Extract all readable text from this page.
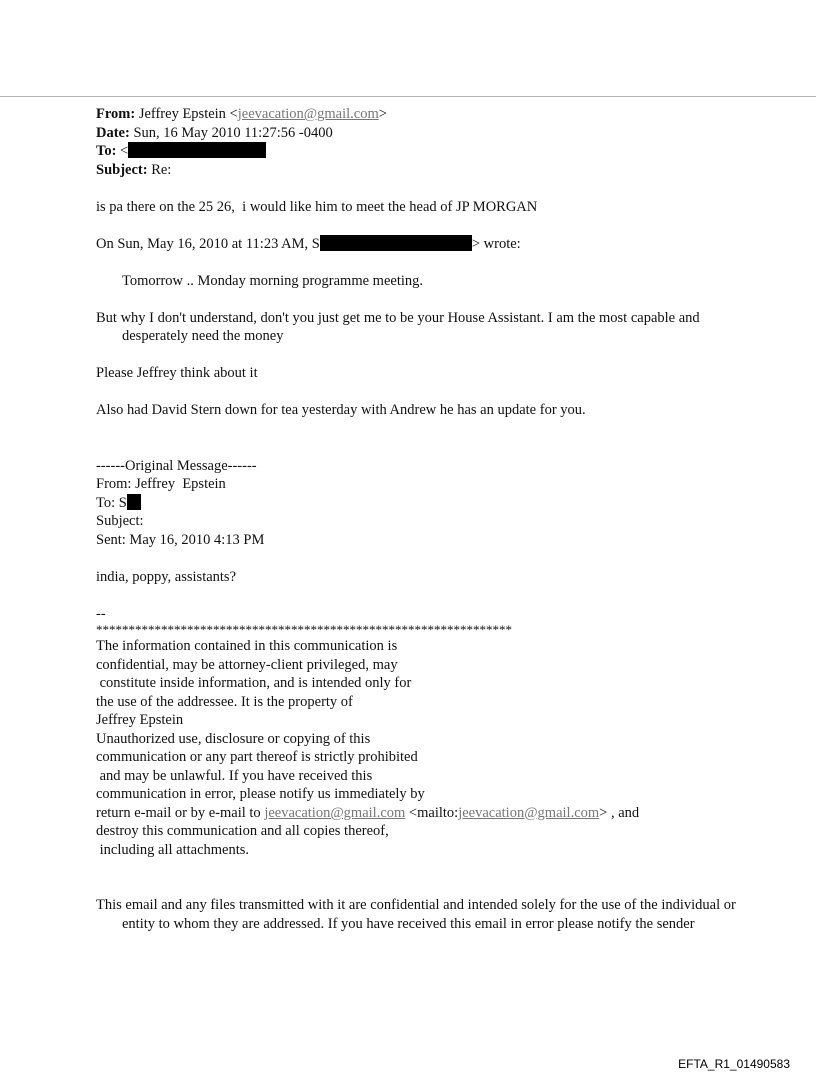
From: Jeffrey Epstein <jeevacation@gmail.com>
Date: Sun, 16 May 2010 11:27:56 -0400
To: <
Subject: Re:
is pa there on the 25 26,  i would like him to meet the head of JP MORGAN
On Sun, May 16, 2010 at 11:23 AM, S	> wrote:
Tomorrow .. Monday morning programme meeting.
But why I don't understand, don't you just get me to be your House Assistant. I am the most capable and desperately need the money
Please Jeffrey think about it
Also had David Stern down for tea yesterday with Andrew he has an update for you.
------Original Message------
From: Jeffrey  Epstein
To: S
Subject:
Sent: May 16, 2010 4:13 PM
india, poppy, assistants?
--
****************************************************************
The information contained in this communication is
confidential, may be attorney-client privileged, may
constitute inside information, and is intended only for
the use of the addressee. It is the property of
Jeffrey Epstein
Unauthorized use, disclosure or copying of this
communication or any part thereof is strictly prohibited
and may be unlawful. If you have received this
communication in error, please notify us immediately by
return e-mail or by e-mail to jeevacation@gmail.com <mailto:jeevacation@gmail.com> , and
destroy this communication and all copies thereof,
including all attachments.
This email and any files transmitted with it are confidential and intended solely for the use of the individual or entity to whom they are addressed. If you have received this email in error please notify the sender
EFTA_R1_01490583
